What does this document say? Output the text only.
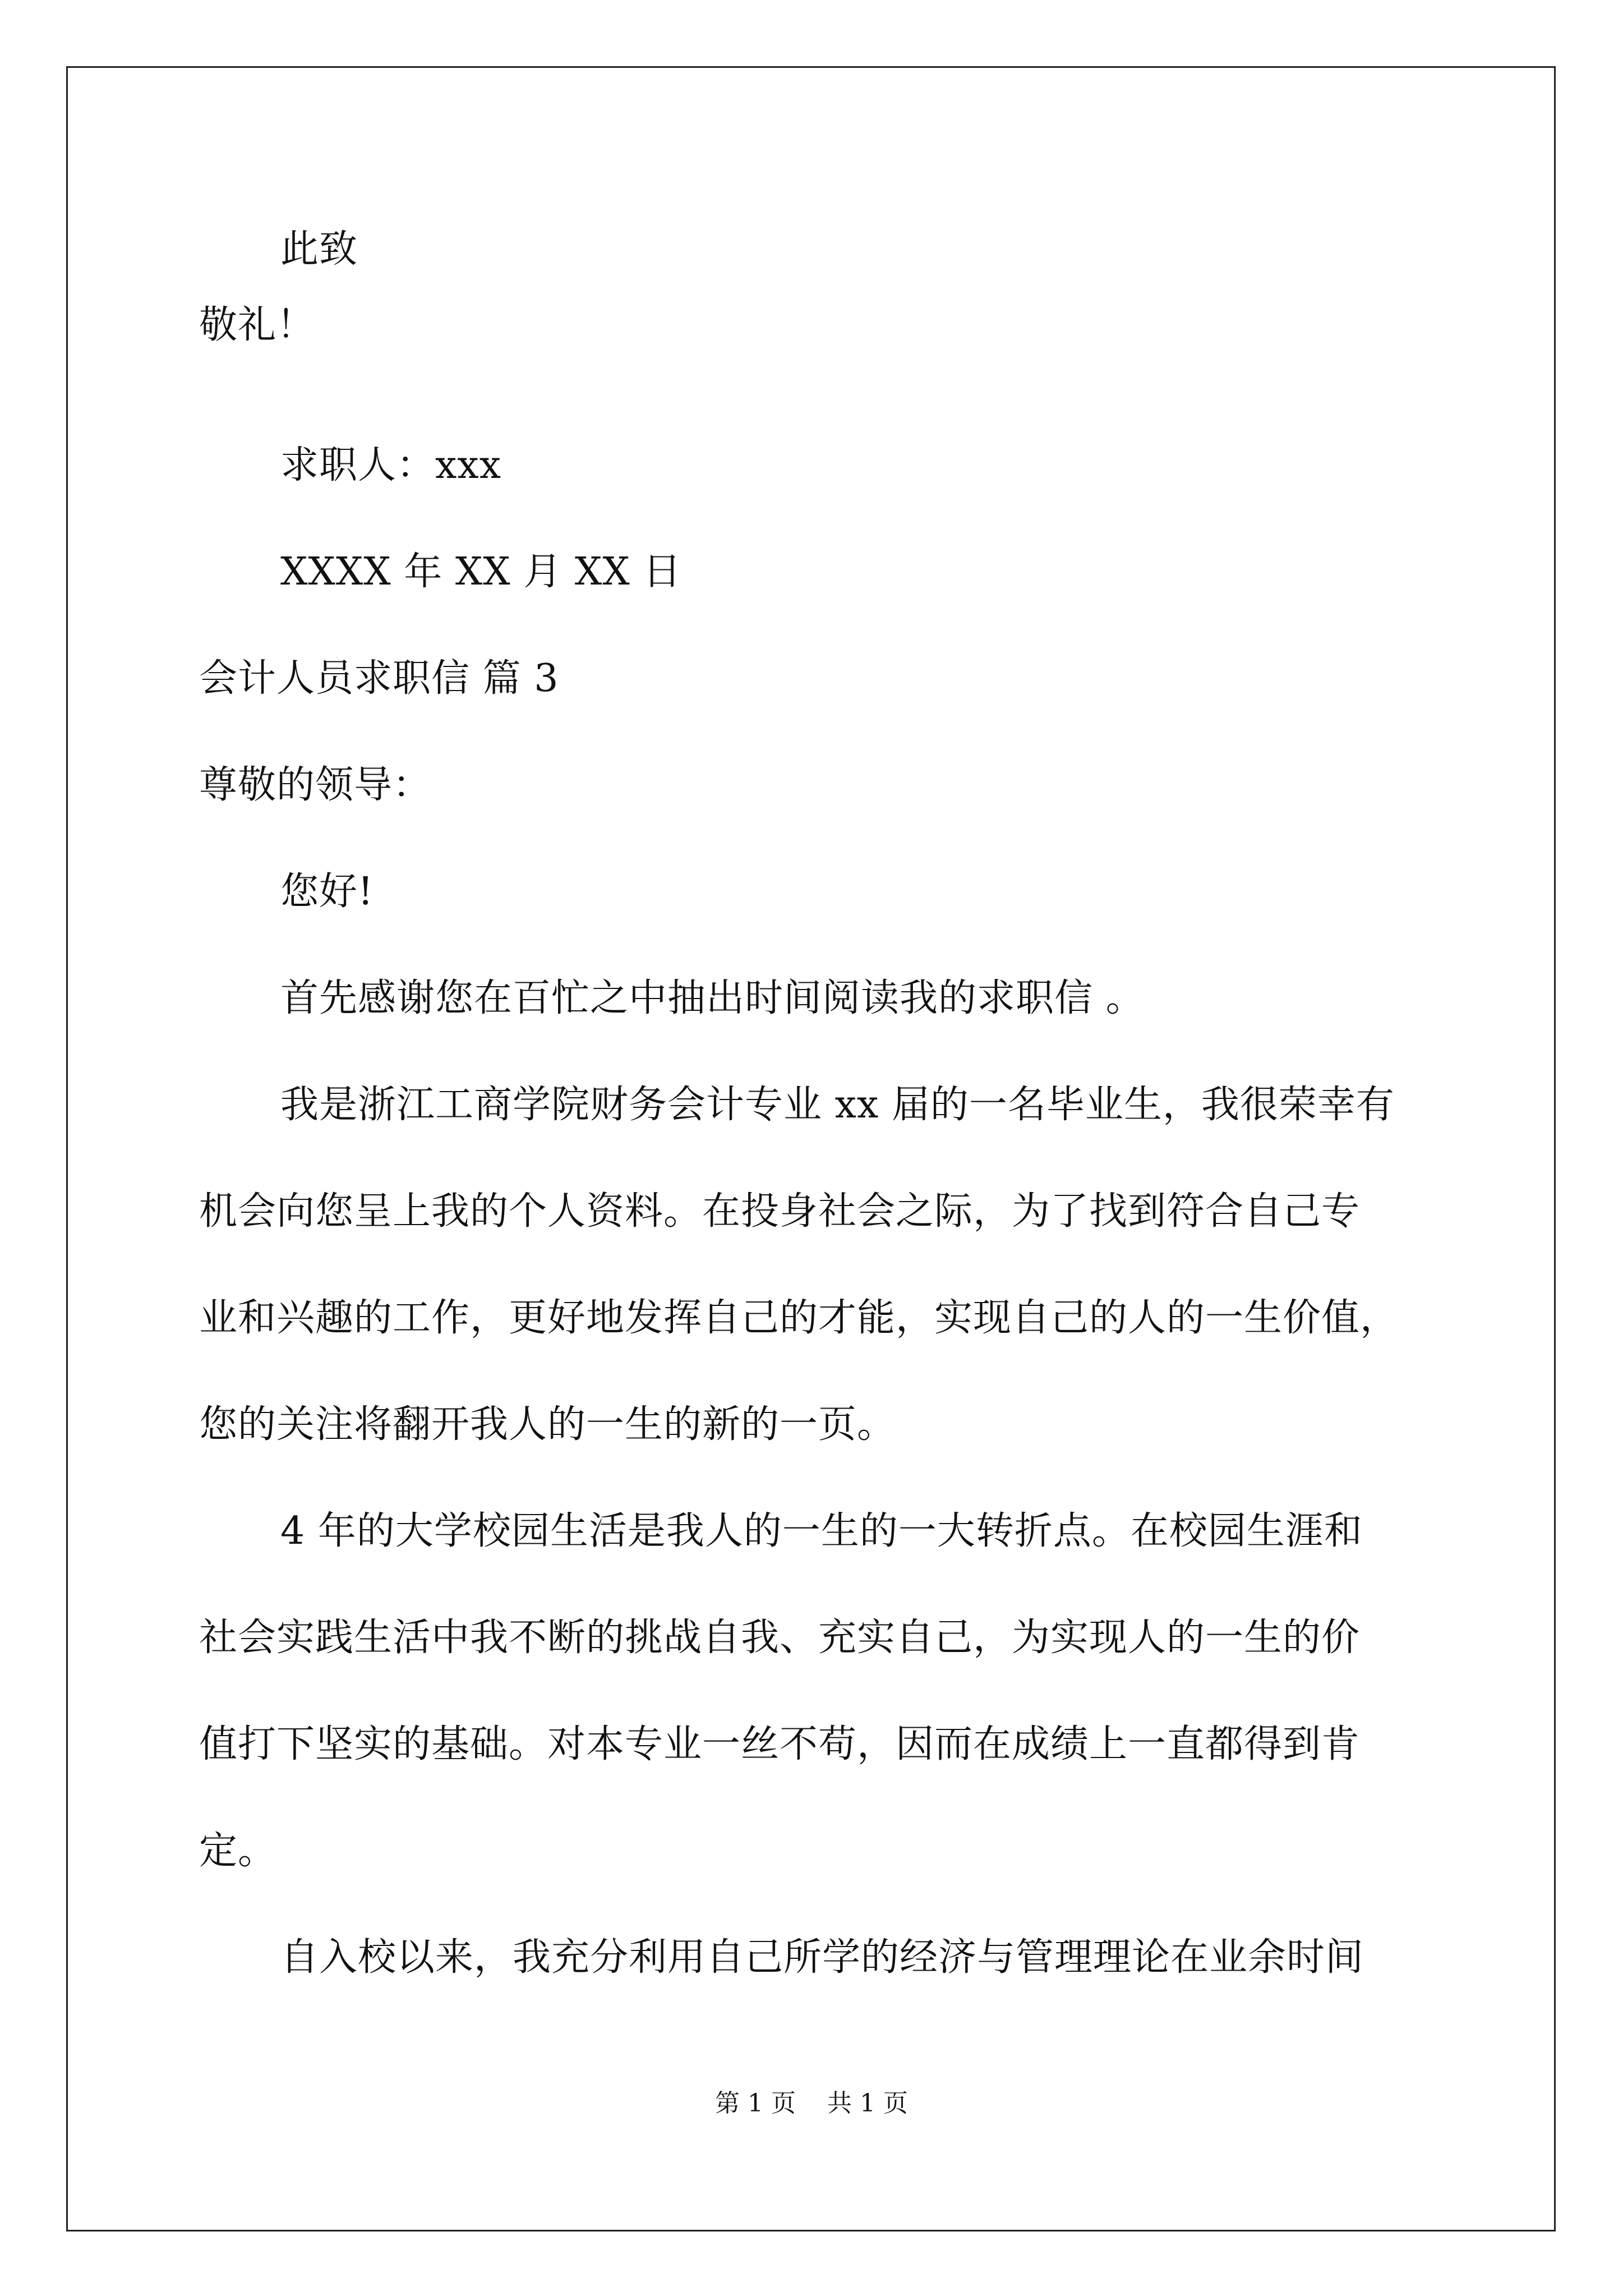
此致
敬礼！
求职人：xxx
XXXX 年 XX 月 XX 日
会计人员求职信 篇 3
尊敬的领导：
您好!
首先感谢您在百忙之中抽出时间阅读我的求职信 。
我是浙江工商学院财务会计专业 xx 届的一名毕业生，我很荣幸有
机会向您呈上我的个人资料。在投身社会之际，为了找到符合自己专
业和兴趣的工作，更好地发挥自己的才能，实现自己的人的一生价值，
您的关注将翻开我人的一生的新的一页。
4 年的大学校园生活是我人的一生的一大转折点。在校园生涯和
社会实践生活中我不断的挑战自我、充实自己，为实现人的一生的价
值打下坚实的基础。对本专业一丝不苟，因而在成绩上一直都得到肯
定。
自入校以来，我充分利用自己所学的经济与管理理论在业余时间
第 1 页    共 1 页
